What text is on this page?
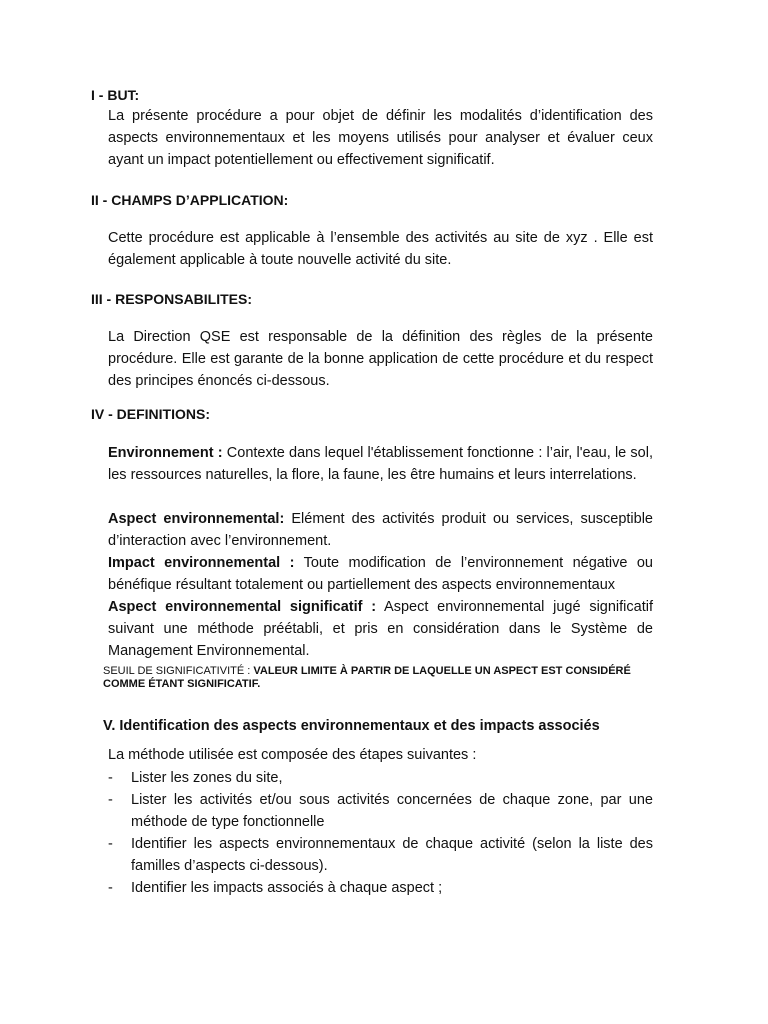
I - BUT:

La présente procédure a pour objet de définir les modalités d’identification des aspects environnementaux et les moyens utilisés pour analyser et évaluer ceux ayant un impact potentiellement ou effectivement significatif.

II - CHAMPS D’APPLICATION:

Cette procédure est applicable à l’ensemble des activités au site de xyz . Elle est également applicable à toute nouvelle activité du site.

III - RESPONSABILITES:

La Direction QSE est responsable de la définition des règles de la présente procédure. Elle est garante de la bonne application de cette procédure et du respect des principes énoncés ci-dessous.

IV - DEFINITIONS:

Environnement : Contexte dans lequel l'établissement fonctionne : l’air, l'eau, le sol, les ressources naturelles, la flore, la faune, les être humains et leurs interrelations.

Aspect environnemental: Elément des activités produit ou services, susceptible d’interaction avec l’environnement.

Impact environnemental : Toute modification de l’environnement négative ou bénéfique résultant totalement ou partiellement des aspects environnementaux

Aspect environnemental significatif : Aspect environnemental jugé significatif suivant une méthode préétabli, et pris en considération dans le Système de Management Environnemental.

SEUIL DE SIGNIFICATIVITÉ : VALEUR LIMITE À PARTIR DE LAQUELLE UN ASPECT EST CONSIDÉRÉ COMME ÉTANT SIGNIFICATIF.

V. Identification des aspects environnementaux et des impacts associés

La méthode utilisée est composée des étapes suivantes :

- Lister les zones du site,
- Lister les activités et/ou sous activités concernées de chaque zone, par une méthode de type fonctionnelle
- Identifier les aspects environnementaux de chaque activité (selon la liste des familles d’aspects ci-dessous).
- Identifier les impacts associés à chaque aspect ;
